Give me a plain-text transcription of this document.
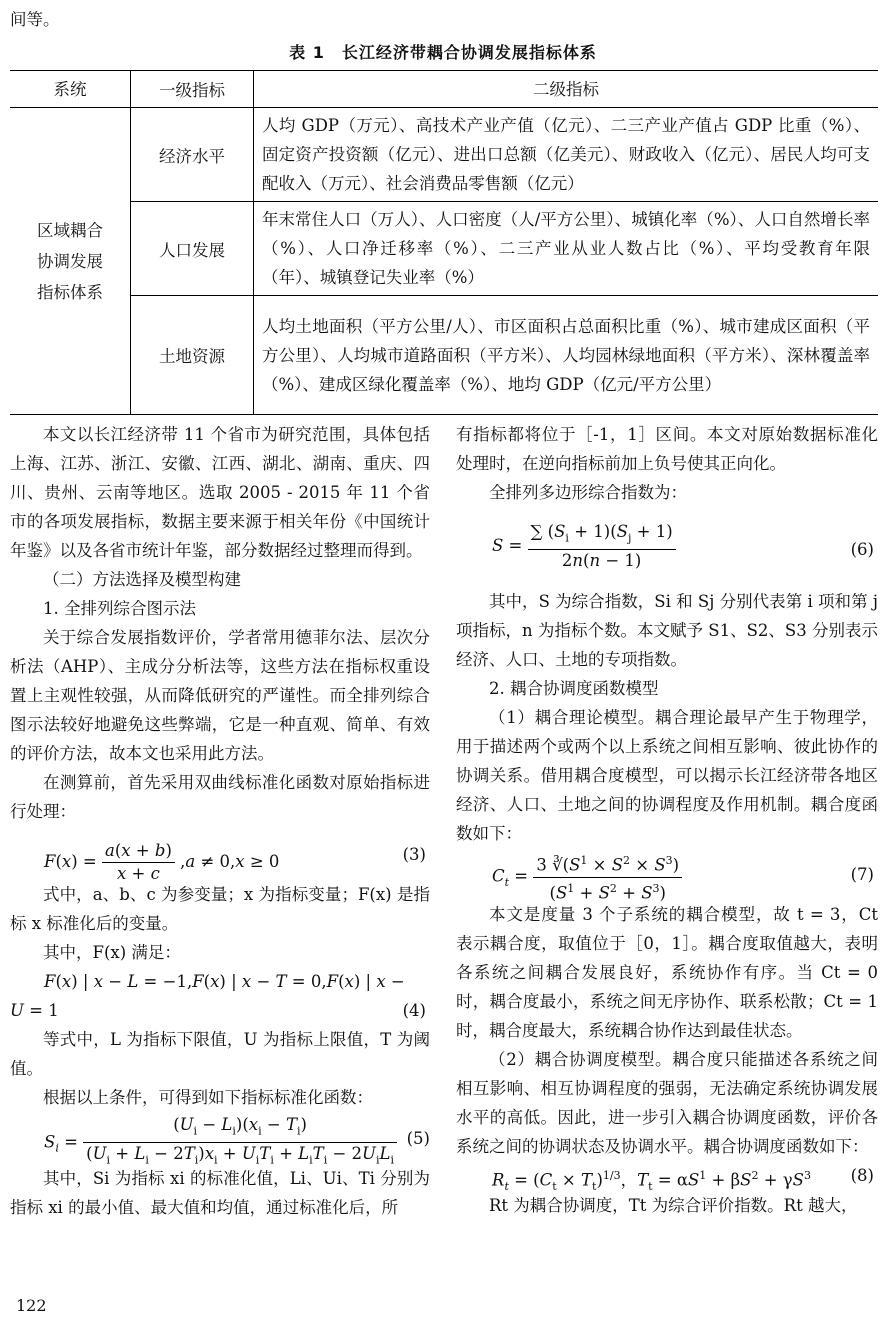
间等。
表 1　长江经济带耦合协调发展指标体系
系统	一级指标	二级指标
区域耦合
协调发展
指标体系	经济水平	人均 GDP（万元）、高技术产业产值（亿元）、二三产业产值占 GDP 比重（%）、固定资产投资额（亿元）、进出口总额（亿美元）、财政收入（亿元）、居民人均可支配收入（万元）、社会消费品零售额（亿元）
	人口发展	年末常住人口（万人）、人口密度（人/平方公里）、城镇化率（%）、人口自然增长率（%）、人口净迁移率（%）、二三产业从业人数占比（%）、平均受教育年限（年）、城镇登记失业率（%）
	土地资源	人均土地面积（平方公里/人）、市区面积占总面积比重（%）、城市建成区面积（平方公里）、人均城市道路面积（平方米）、人均园林绿地面积（平方米）、深林覆盖率（%）、建成区绿化覆盖率（%）、地均 GDP（亿元/平方公里）

本文以长江经济带 11 个省市为研究范围，具体包括上海、江苏、浙江、安徽、江西、湖北、湖南、重庆、四川、贵州、云南等地区。选取 2005 - 2015 年 11 个省市的各项发展指标，数据主要来源于相关年份《中国统计年鉴》以及各省市统计年鉴，部分数据经过整理而得到。

（二）方法选择及模型构建

1. 全排列综合图示法

关于综合发展指数评价，学者常用德菲尔法、层次分析法（AHP）、主成分分析法等，这些方法在指标权重设置上主观性较强，从而降低研究的严谨性。而全排列综合图示法较好地避免这些弊端，它是一种直观、简单、有效的评价方法，故本文也采用此方法。

在测算前，首先采用双曲线标准化函数对原始指标进行处理：

$F(x) = \frac{a(x + b)}{x + c} ,a \ne 0,x \ge 0$	(3)

式中，a、b、c 为参变量；x 为指标变量；F(x) 是指标 x 标准化后的变量。

其中，F(x) 满足：

F(x) | x − L = −1,F(x) | x − T = 0,F(x) | x −
U = 1	(4)

等式中，L 为指标下限值，U 为指标上限值，T 为阈值。

根据以上条件，可得到如下指标标准化函数：

$S_i = \frac{(U_i - L_i)(x_i - T_i)}{(U_i + L_i - 2T_i)x_i + U_iT_i + L_iT_i - 2U_iL_i} (5)$

其中，Si 为指标 xi 的标准化值，Li、Ui、Ti 分别为指标 xi 的最小值、最大值和均值，通过标准化后，所

有指标都将位于［-1，1］区间。本文对原始数据标准化处理时，在逆向指标前加上负号使其正向化。

全排列多边形综合指数为：

$S = \frac{\sum (S_i + 1)(S_j + 1)}{2n(n - 1)}$	(6)

其中，S 为综合指数，Si 和 Sj 分别代表第 i 项和第 j 项指标，n 为指标个数。本文赋予 S1、S2、S3 分别表示经济、人口、土地的专项指数。

2. 耦合协调度函数模型

（1）耦合理论模型。耦合理论最早产生于物理学，用于描述两个或两个以上系统之间相互影响、彼此协作的协调关系。借用耦合度模型，可以揭示长江经济带各地区经济、人口、土地之间的协调程度及作用机制。耦合度函数如下：

$C_t = \frac{3 ∛(S^1 \times S^2 \times S^3)}{(S^1 + S^2 + S^3)}$	(7)

本文是度量 3 个子系统的耦合模型，故 t = 3，Ct 表示耦合度，取值位于［0，1］。耦合度取值越大，表明各系统之间耦合发展良好，系统协作有序。当 Ct = 0 时，耦合度最小，系统之间无序协作、联系松散；Ct = 1 时，耦合度最大，系统耦合协作达到最佳状态。

（2）耦合协调度模型。耦合度只能描述各系统之间相互影响、相互协调程度的强弱，无法确定系统协调发展水平的高低。因此，进一步引入耦合协调度函数，评价各系统之间的协调状态及协调水平。耦合协调度函数如下：

$R_t = (C_t \times T_t)^{1/3}$，$T_t = \alpha S^1 + \beta S^2 + \gamma S^3$ (8)

Rt 为耦合协调度，Tt 为综合评价指数。Rt 越大，

122
